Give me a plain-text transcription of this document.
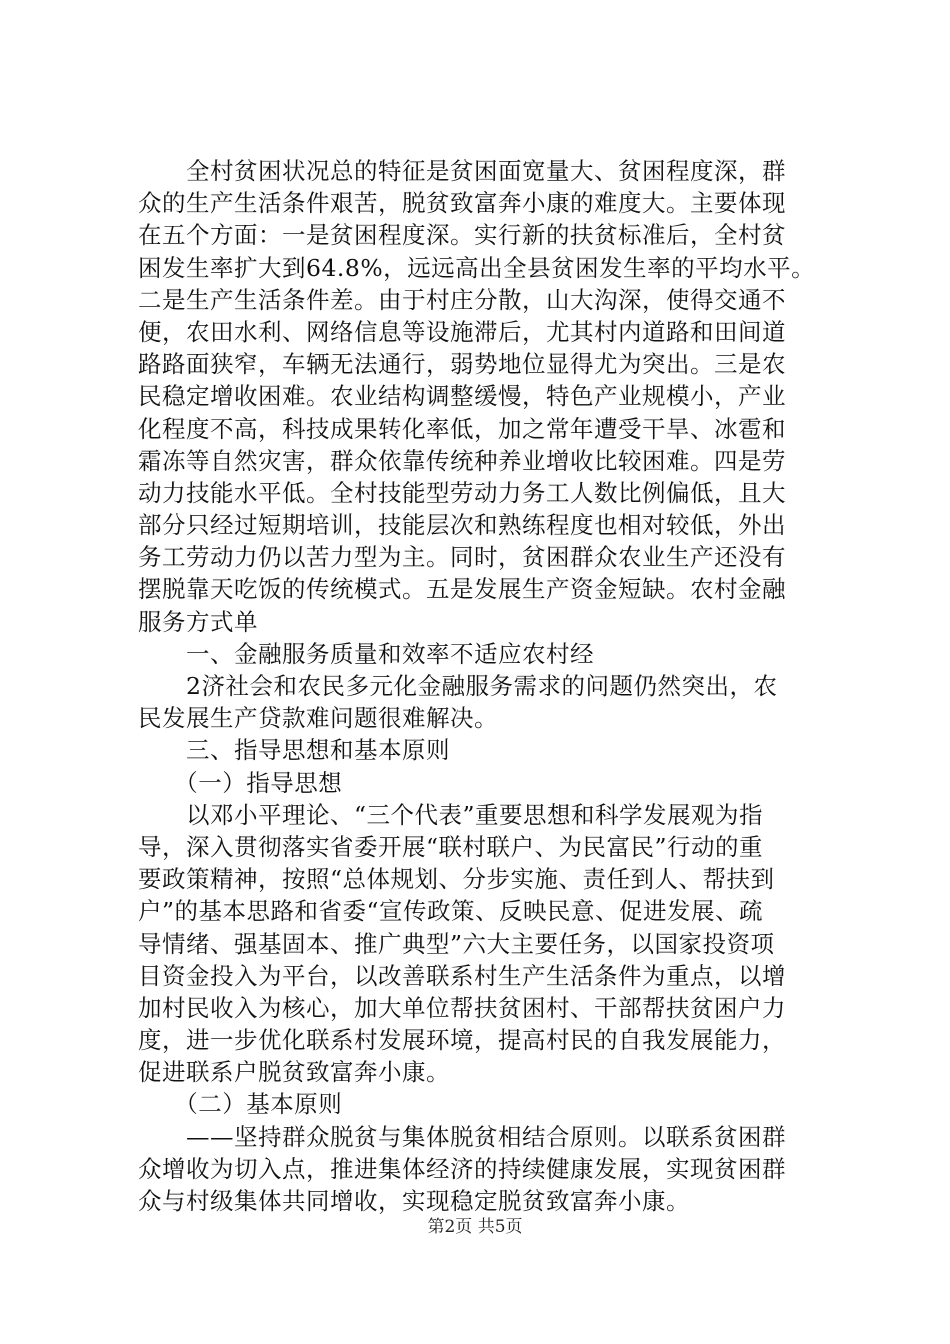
　　全村贫困状况总的特征是贫困面宽量大、贫困程度深，群
众的生产生活条件艰苦，脱贫致富奔小康的难度大。主要体现
在五个方面：一是贫困程度深。实行新的扶贫标准后，全村贫
困发生率扩大到64.8%，远远高出全县贫困发生率的平均水平。
二是生产生活条件差。由于村庄分散，山大沟深，使得交通不
便，农田水利、网络信息等设施滞后，尤其村内道路和田间道
路路面狭窄，车辆无法通行，弱势地位显得尤为突出。三是农
民稳定增收困难。农业结构调整缓慢，特色产业规模小，产业
化程度不高，科技成果转化率低，加之常年遭受干旱、冰雹和
霜冻等自然灾害，群众依靠传统种养业增收比较困难。四是劳
动力技能水平低。全村技能型劳动力务工人数比例偏低，且大
部分只经过短期培训，技能层次和熟练程度也相对较低，外出
务工劳动力仍以苦力型为主。同时，贫困群众农业生产还没有
摆脱靠天吃饭的传统模式。五是发展生产资金短缺。农村金融
服务方式单
　　一、金融服务质量和效率不适应农村经
　　2济社会和农民多元化金融服务需求的问题仍然突出，农
民发展生产贷款难问题很难解决。
　　三、指导思想和基本原则
　　（一）指导思想
　　以邓小平理论、“三个代表”重要思想和科学发展观为指
导，深入贯彻落实省委开展“联村联户、为民富民”行动的重
要政策精神，按照“总体规划、分步实施、责任到人、帮扶到
户”的基本思路和省委“宣传政策、反映民意、促进发展、疏
导情绪、强基固本、推广典型”六大主要任务，以国家投资项
目资金投入为平台，以改善联系村生产生活条件为重点，以增
加村民收入为核心，加大单位帮扶贫困村、干部帮扶贫困户力
度，进一步优化联系村发展环境，提高村民的自我发展能力，
促进联系户脱贫致富奔小康。
　　（二）基本原则
　　——坚持群众脱贫与集体脱贫相结合原则。以联系贫困群
众增收为切入点，推进集体经济的持续健康发展，实现贫困群
众与村级集体共同增收，实现稳定脱贫致富奔小康。
第2页 共5页
